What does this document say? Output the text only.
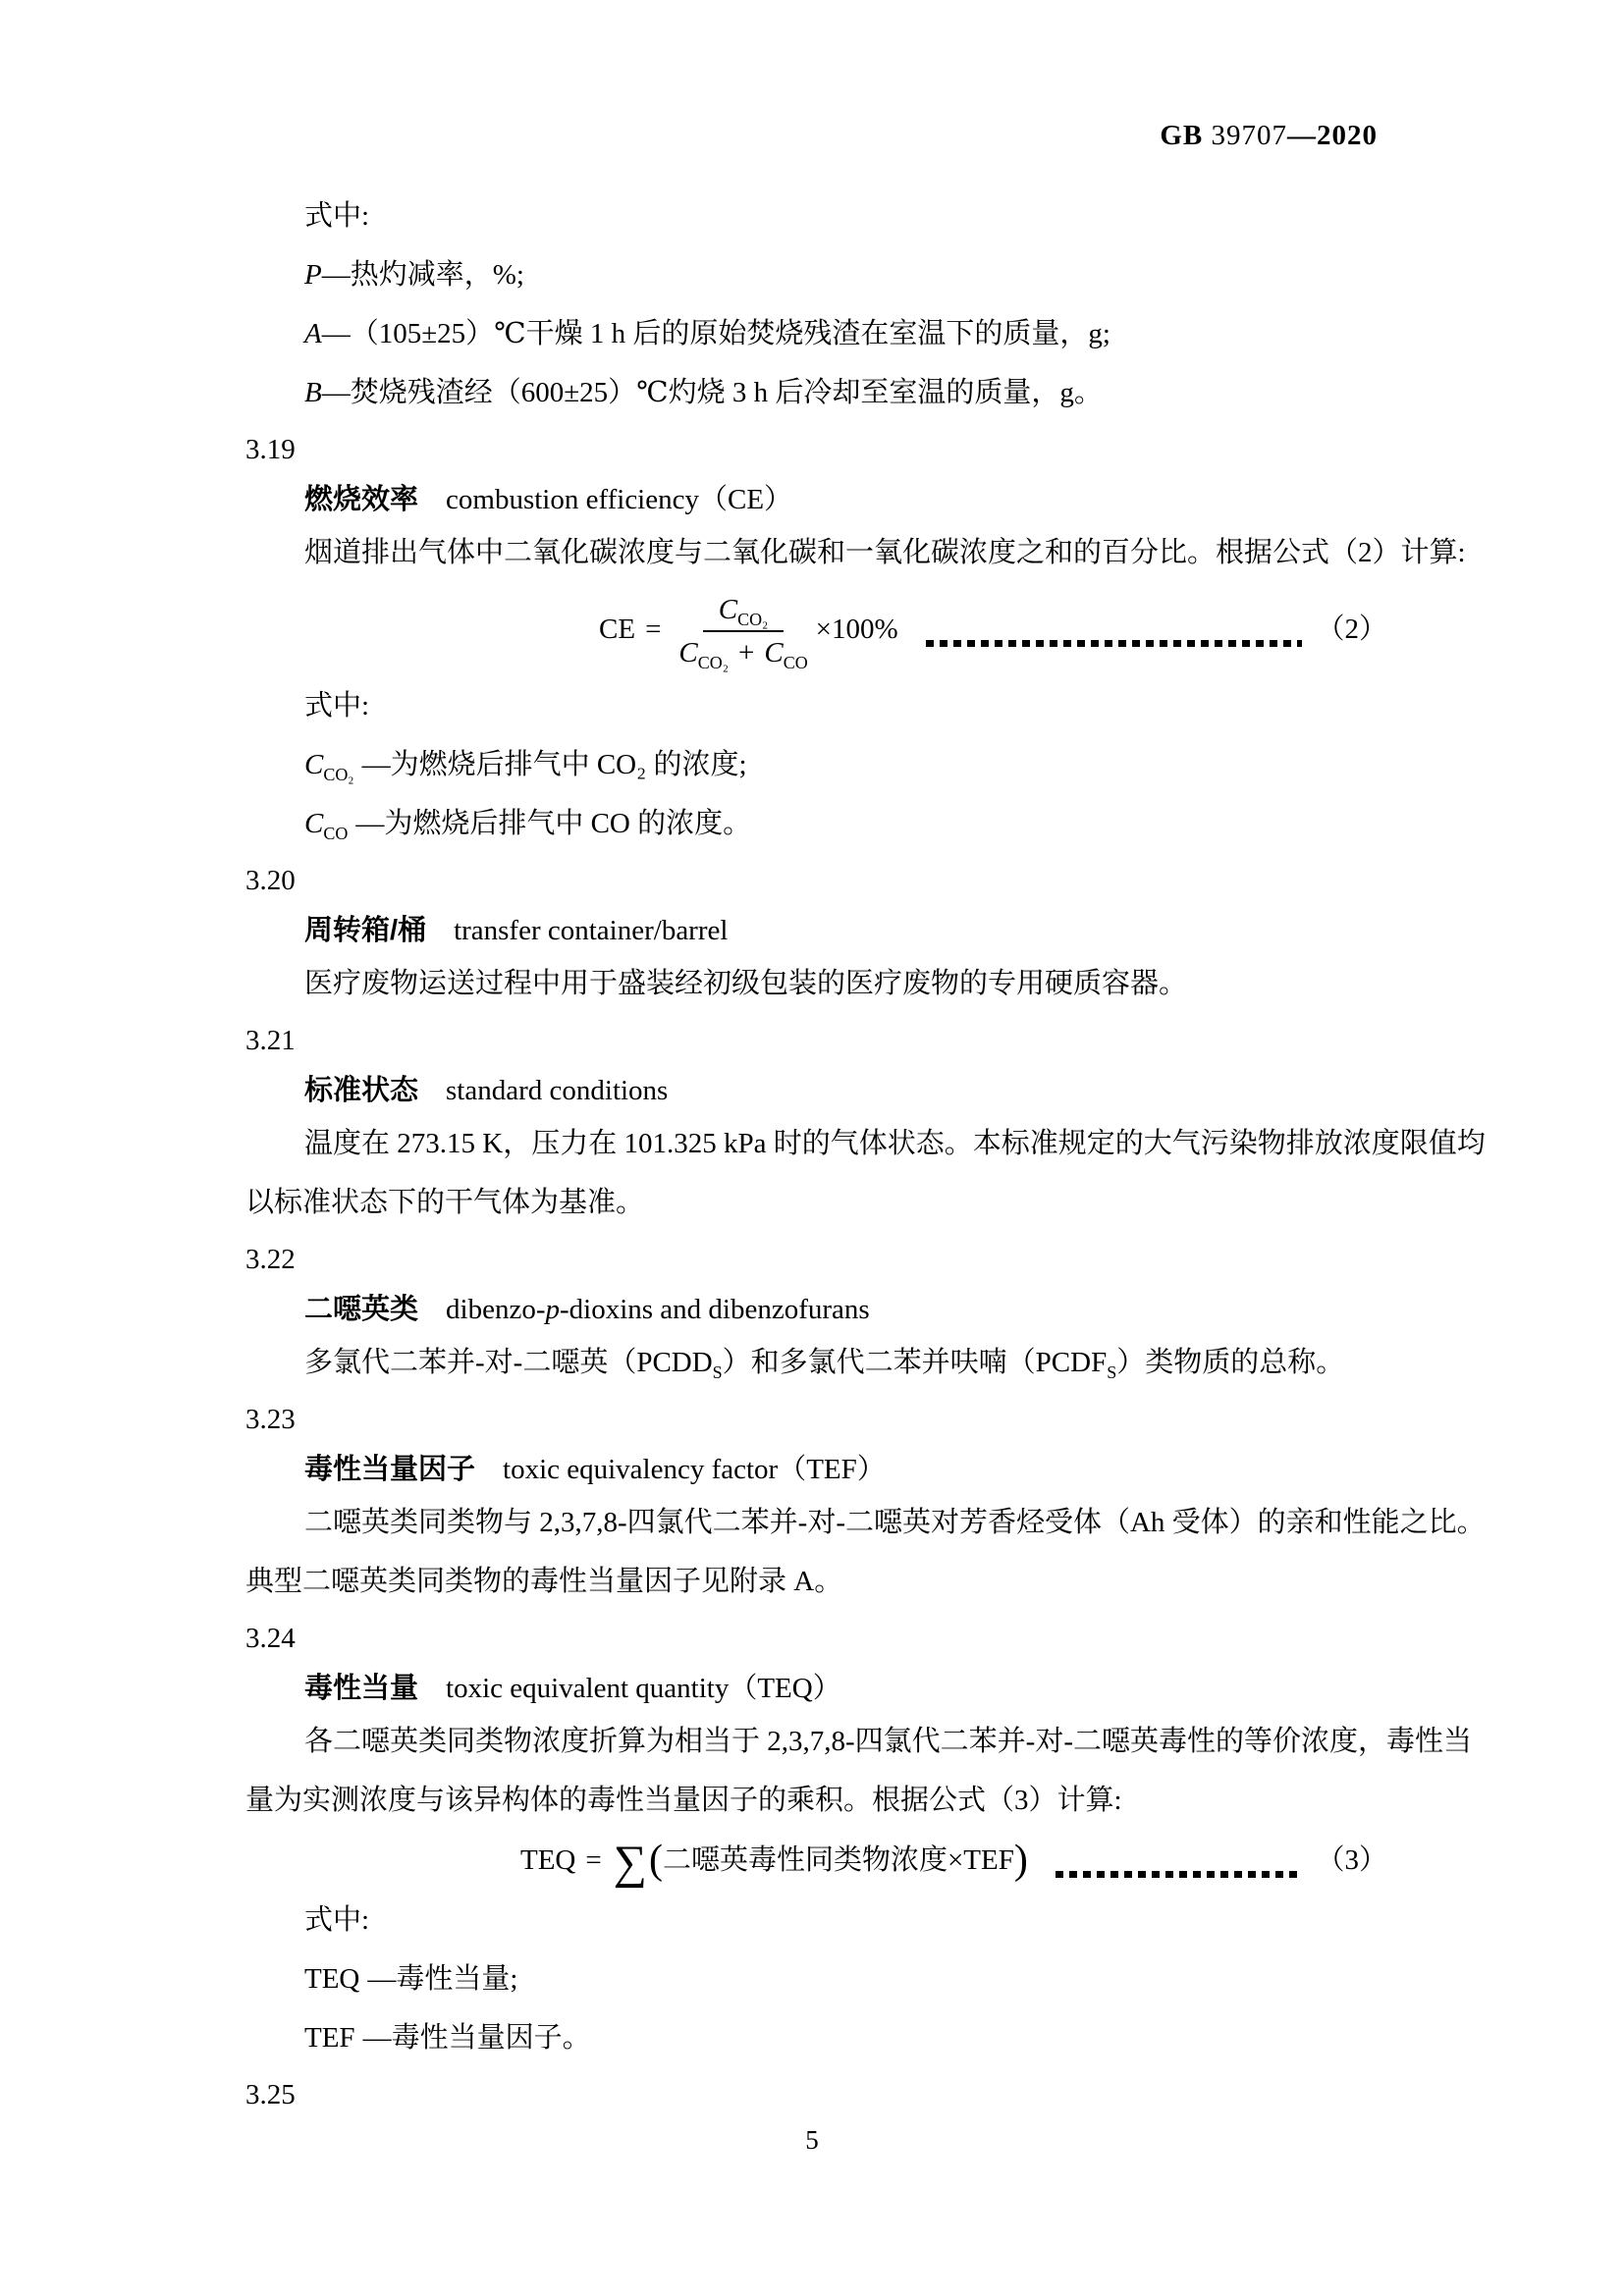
GB 39707—2020
式中:
P—热灼减率，%;
A—（105±25）℃干燥 1 h 后的原始焚烧残渣在室温下的质量，g;
B—焚烧残渣经（600±25）℃灼烧 3 h 后冷却至室温的质量，g。
3.19
燃烧效率 combustion efficiency（CE）
烟道排出气体中二氧化碳浓度与二氧化碳和一氧化碳浓度之和的百分比。根据公式（2）计算:
CE = $\frac{C_{CO_2}}{C_{CO_2} + C_{CO}} \times 100\%$	（2）
式中:
$C_{CO_2}$ —为燃烧后排气中 CO₂ 的浓度;
$C_{CO}$ —为燃烧后排气中 CO 的浓度。
3.20
周转箱/桶 transfer container/barrel
医疗废物运送过程中用于盛装经初级包装的医疗废物的专用硬质容器。
3.21
标准状态 standard conditions
温度在 273.15 K，压力在 101.325 kPa 时的气体状态。本标准规定的大气污染物排放浓度限值均
以标准状态下的干气体为基准。
3.22
二噁英类 dibenzo-p-dioxins and dibenzofurans
多氯代二苯并-对-二噁英$(PCDD_S)$和多氯代二苯并呋喃$(PCDF_S)$类物质的总称。
3.23
毒性当量因子 toxic equivalency factor（TEF）
二噁英类同类物与 2,3,7,8-四氯代二苯并-对-二噁英对芳香烃受体（Ah 受体）的亲和性能之比。
典型二噁英类同类物的毒性当量因子见附录 A。
3.24
毒性当量 toxic equivalent quantity（TEQ）
各二噁英类同类物浓度折算为相当于 2,3,7,8-四氯代二苯并-对-二噁英毒性的等价浓度，毒性当
量为实测浓度与该异构体的毒性当量因子的乘积。根据公式（3）计算:
TEQ = ∑ ( 二噁英毒性同类物浓度×TEF )	（3）
式中:
TEQ —毒性当量;
TEF —毒性当量因子。
3.25
5
